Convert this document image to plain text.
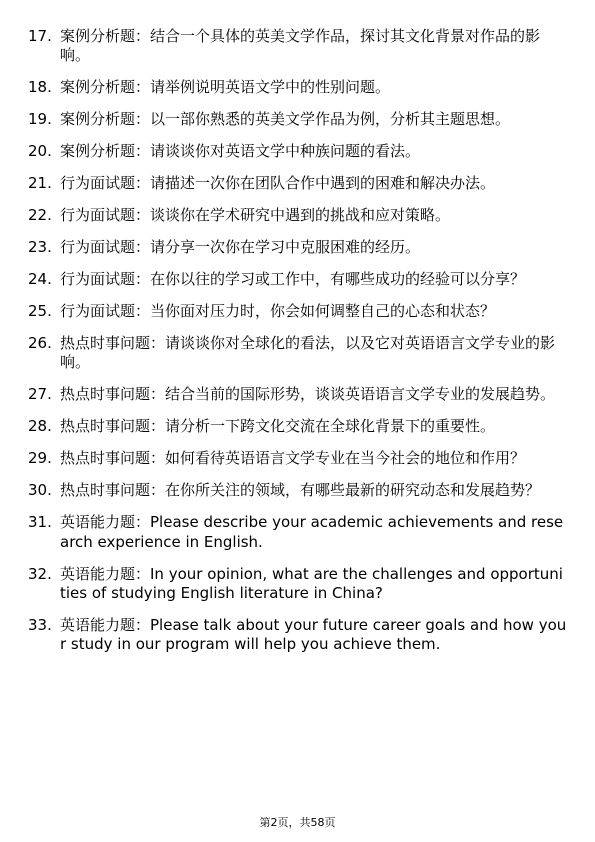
17. 案例分析题：结合一个具体的英美文学作品，探讨其文化背景对作品的影响。
18. 案例分析题：请举例说明英语文学中的性别问题。
19. 案例分析题：以一部你熟悉的英美文学作品为例，分析其主题思想。
20. 案例分析题：请谈谈你对英语文学中种族问题的看法。
21. 行为面试题：请描述一次你在团队合作中遇到的困难和解决办法。
22. 行为面试题：谈谈你在学术研究中遇到的挑战和应对策略。
23. 行为面试题：请分享一次你在学习中克服困难的经历。
24. 行为面试题：在你以往的学习或工作中，有哪些成功的经验可以分享？
25. 行为面试题：当你面对压力时，你会如何调整自己的心态和状态？
26. 热点时事问题：请谈谈你对全球化的看法，以及它对英语语言文学专业的影响。
27. 热点时事问题：结合当前的国际形势，谈谈英语语言文学专业的发展趋势。
28. 热点时事问题：请分析一下跨文化交流在全球化背景下的重要性。
29. 热点时事问题：如何看待英语语言文学专业在当今社会的地位和作用？
30. 热点时事问题：在你所关注的领域，有哪些最新的研究动态和发展趋势？
31. 英语能力题：Please describe your academic achievements and research experience in English.
32. 英语能力题：In your opinion, what are the challenges and opportunities of studying English literature in China?
33. 英语能力题：Please talk about your future career goals and how your study in our program will help you achieve them.
第2页，共58页
